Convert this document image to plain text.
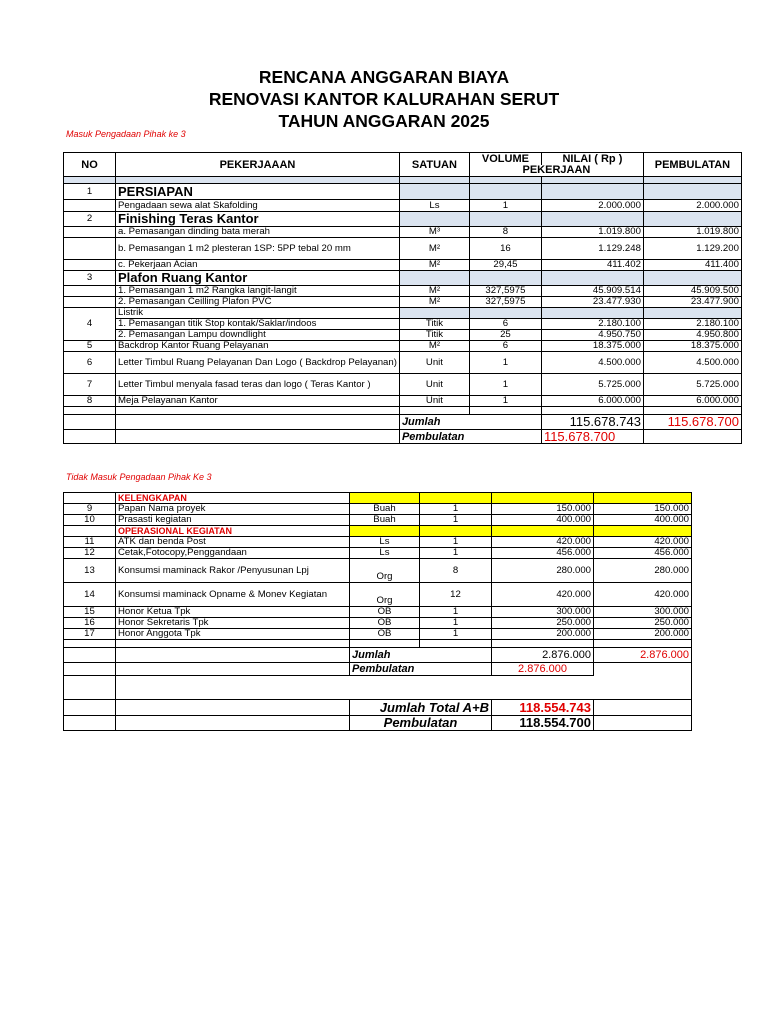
RENCANA ANGGARAN BIAYA
RENOVASI KANTOR KALURAHAN SERUT
TAHUN ANGGARAN 2025
Masuk Pengadaan Pihak ke 3
NO	PEKERJAAAN	SATUAN	VOLUME	NILAI ( Rp )	PEMBULATAN
			PEKERJAAN		

1	PERSIAPAN				
	Pengadaan sewa alat Skafolding	Ls	1	2.000.000	2.000.000
2	Finishing Teras Kantor				
	a. Pemasangan dinding bata merah	M³	8	1.019.800	1.019.800
	b. Pemasangan 1 m2 plesteran 1SP: 5PP tebal 20 mm	M²	16	1.129.248	1.129.200
	c. Pekerjaan Acian	M²	29,45	411.402	411.400
3	Plafon Ruang Kantor				
	1. Pemasangan 1 m2 Rangka langit-langit	M²	327,5975	45.909.514	45.909.500
	2. Pemasangan Ceilling Plafon PVC	M²	327,5975	23.477.930	23.477.900
4	Listrik				
	1. Pemasangan titik Stop kontak/Saklar/indoos	Titik	6	2.180.100	2.180.100
	2. Pemasangan Lampu downdlight	Titik	25	4.950.750	4.950.800
5	Backdrop Kantor Ruang Pelayanan	M²	6	18.375.000	18.375.000
6	Letter Timbul Ruang Pelayanan Dan Logo ( Backdrop Pelayanan)	Unit	1	4.500.000	4.500.000
7	Letter Timbul menyala fasad teras dan logo ( Teras Kantor )	Unit	1	5.725.000	5.725.000
8	Meja Pelayanan Kantor	Unit	1	6.000.000	6.000.000

		Jumlah		115.678.743	115.678.700
		Pembulatan		115.678.700	
Tidak Masuk Pengadaan Pihak Ke 3
	KELENGKAPAN				
9	Papan Nama proyek	Buah	1	150.000	150.000
10	Prasasti kegiatan	Buah	1	400.000	400.000
	OPERASIONAL KEGIATAN				
11	ATK dan benda Post	Ls	1	420.000	420.000
12	Cetak,Fotocopy,Penggandaan	Ls	1	456.000	456.000
13	Konsumsi maminack Rakor /Penyusunan Lpj	Org	8	280.000	280.000
14	Konsumsi maminack Opname & Monev Kegiatan	Org	12	420.000	420.000
15	Honor Ketua Tpk	OB	1	300.000	300.000
16	Honor Sekretaris Tpk	OB	1	250.000	250.000
17	Honor Anggota Tpk	OB	1	200.000	200.000

		Jumlah		2.876.000	2.876.000
		Pembulatan		2.876.000	

		Jumlah Total A+B		118.554.743	
		Pembulatan		118.554.700	
